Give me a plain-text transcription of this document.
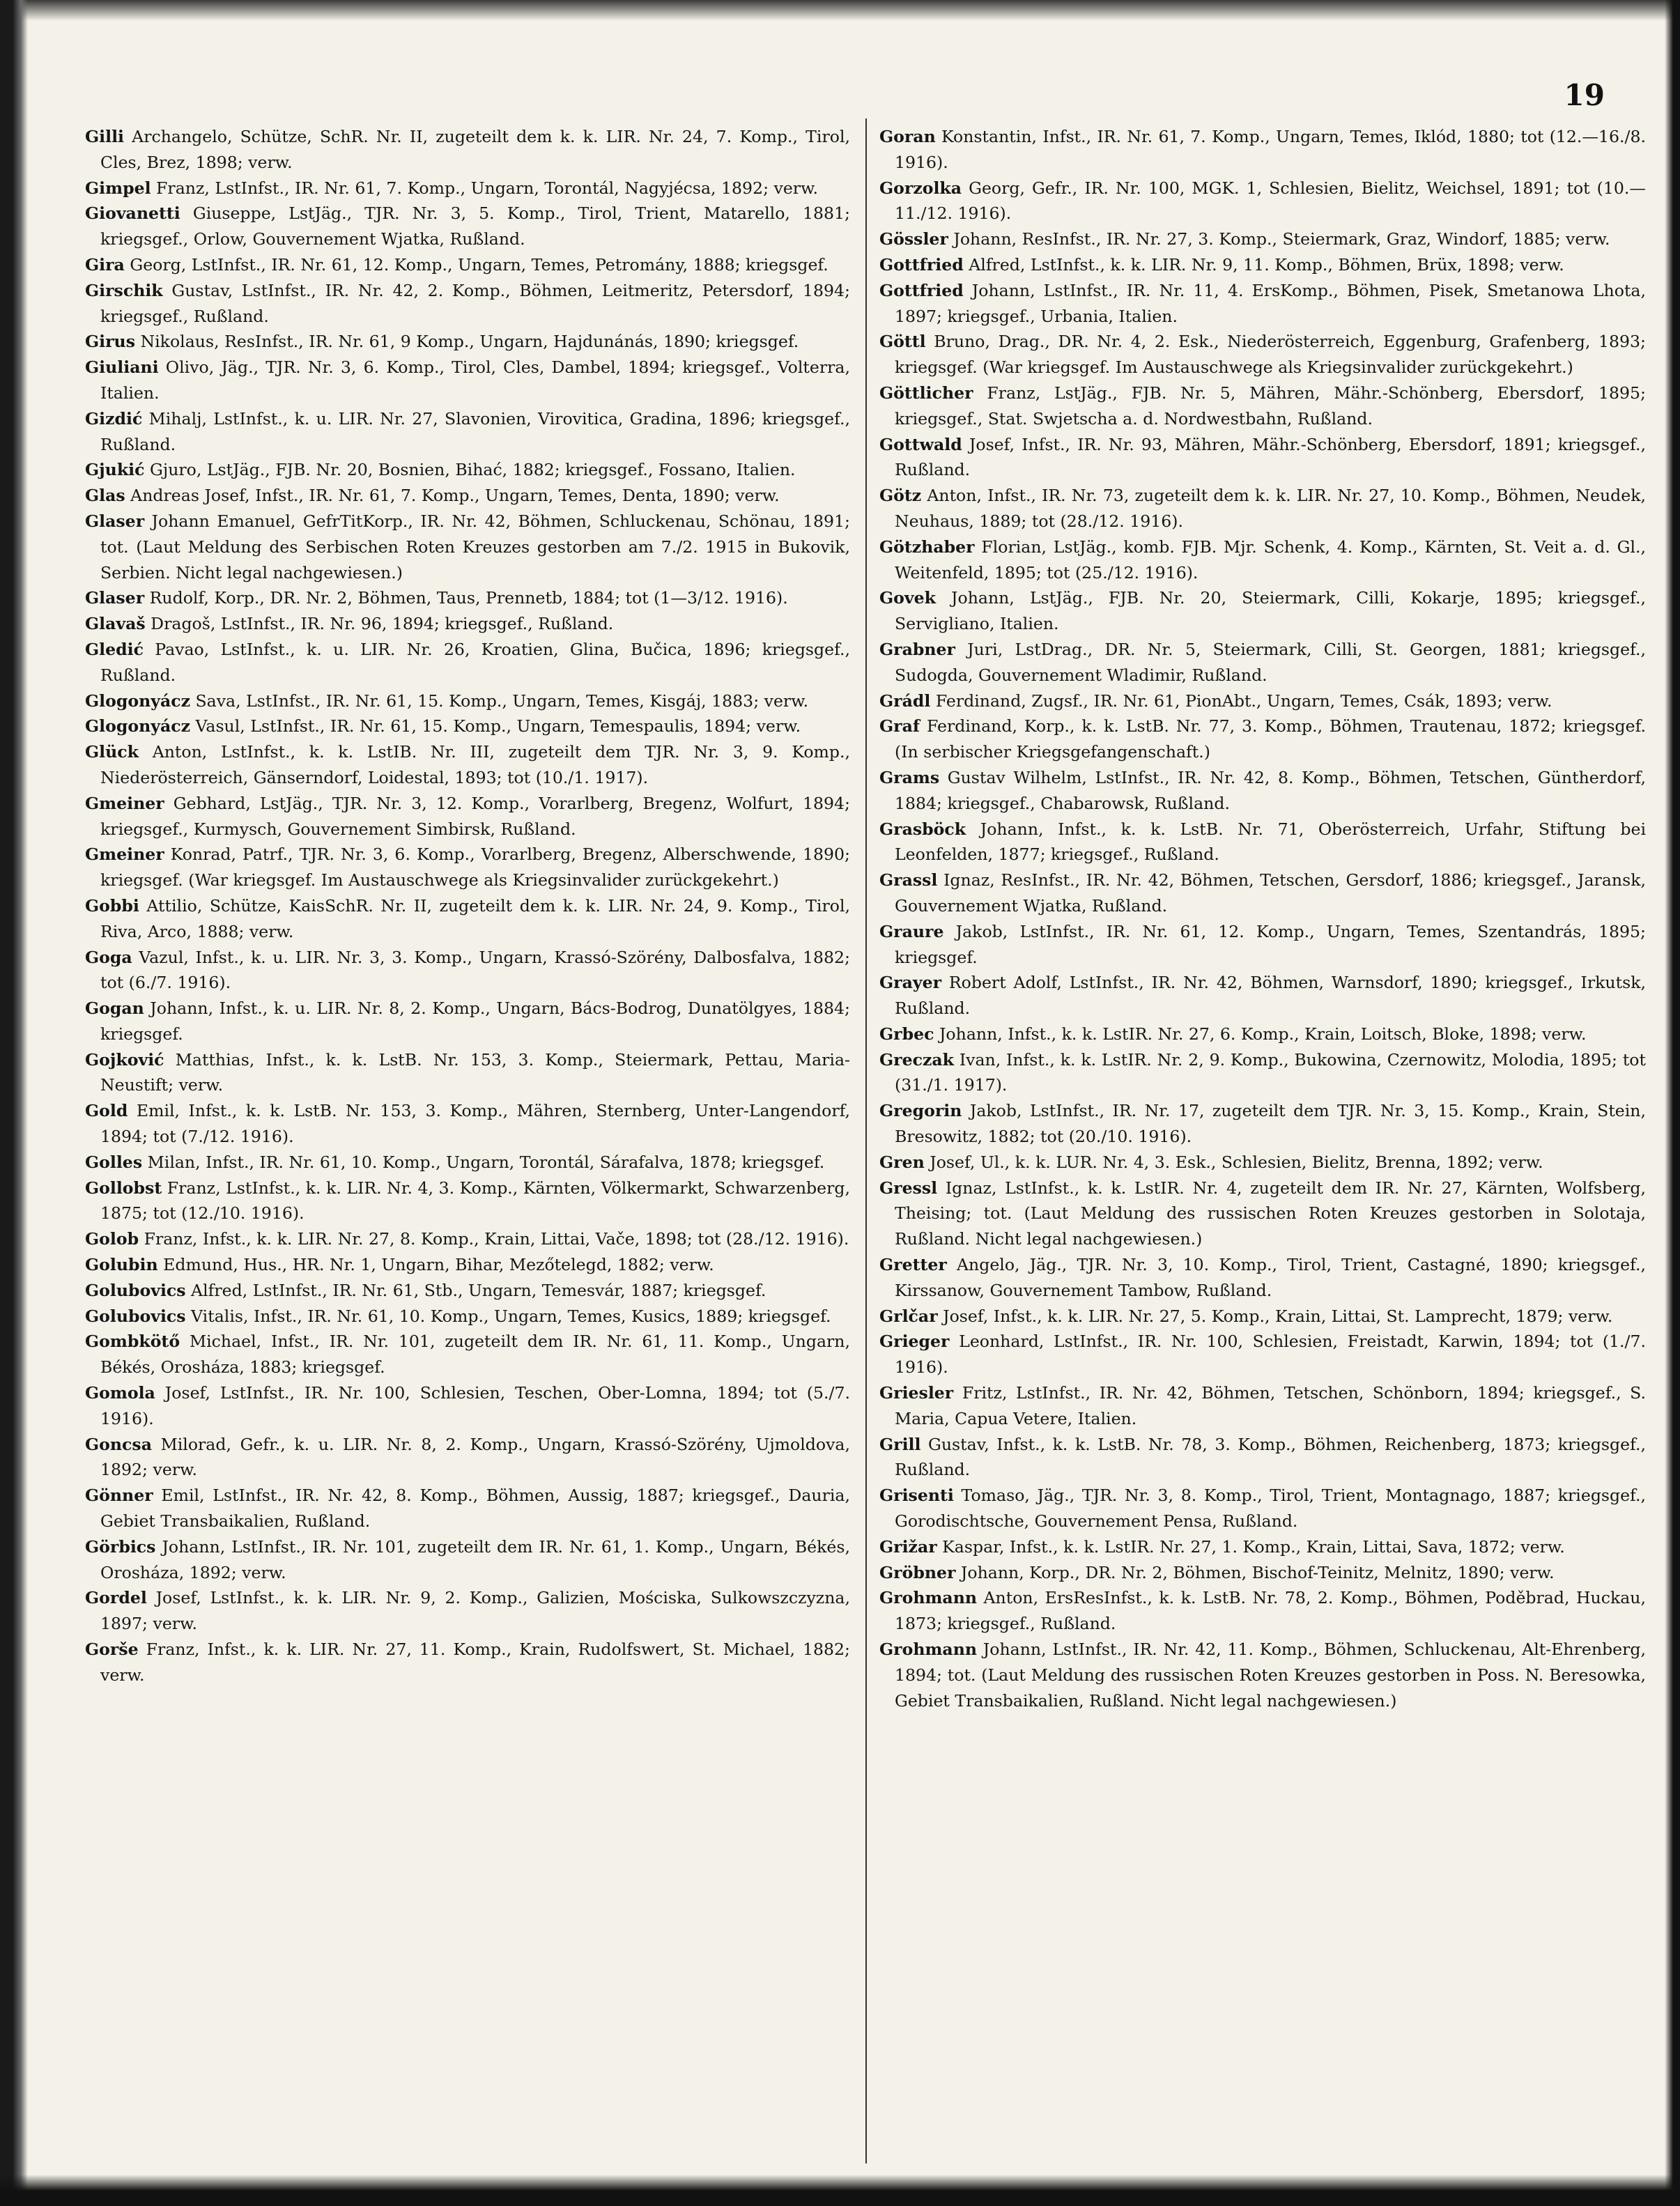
19

Gilli Archangelo, Schütze, SchR. Nr. II, zugeteilt dem k. k. LIR. Nr. 24, 7. Komp., Tirol, Cles, Brez, 1898; verw.

Gimpel Franz, LstInfst., IR. Nr. 61, 7. Komp., Ungarn, Torontál, Nagyjécsa, 1892; verw.

Giovanetti Giuseppe, LstJäg., TJR. Nr. 3, 5. Komp., Tirol, Trient, Matarello, 1881; kriegsgef., Orlow, Gouvernement Wjatka, Rußland.

Gira Georg, LstInfst., IR. Nr. 61, 12. Komp., Ungarn, Temes, Petromány, 1888; kriegsgef.

Girschik Gustav, LstInfst., IR. Nr. 42, 2. Komp., Böhmen, Leitmeritz, Petersdorf, 1894; kriegsgef., Rußland.

Girus Nikolaus, ResInfst., IR. Nr. 61, 9 Komp., Ungarn, Hajdunánás, 1890; kriegsgef.

Giuliani Olivo, Jäg., TJR. Nr. 3, 6. Komp., Tirol, Cles, Dambel, 1894; kriegsgef., Volterra, Italien.

Gizdić Mihalj, LstInfst., k. u. LIR. Nr. 27, Slavonien, Virovitica, Gradina, 1896; kriegsgef., Rußland.

Gjukić Gjuro, LstJäg., FJB. Nr. 20, Bosnien, Bihać, 1882; kriegsgef., Fossano, Italien.

Glas Andreas Josef, Infst., IR. Nr. 61, 7. Komp., Ungarn, Temes, Denta, 1890; verw.

Glaser Johann Emanuel, GefrTitKorp., IR. Nr. 42, Böhmen, Schluckenau, Schönau, 1891; tot. (Laut Meldung des Serbischen Roten Kreuzes gestorben am 7./2. 1915 in Bukovik, Serbien. Nicht legal nachgewiesen.)

Glaser Rudolf, Korp., DR. Nr. 2, Böhmen, Taus, Prennetb, 1884; tot (1—3/12. 1916).

Glavaš Dragoš, LstInfst., IR. Nr. 96, 1894; kriegsgef., Rußland.

Gledić Pavao, LstInfst., k. u. LIR. Nr. 26, Kroatien, Glina, Bučica, 1896; kriegsgef., Rußland.

Glogonyácz Sava, LstInfst., IR. Nr. 61, 15. Komp., Ungarn, Temes, Kisgáj, 1883; verw.

Glogonyácz Vasul, LstInfst., IR. Nr. 61, 15. Komp., Ungarn, Temespaulis, 1894; verw.

Glück Anton, LstInfst., k. k. LstIB. Nr. III, zugeteilt dem TJR. Nr. 3, 9. Komp., Niederösterreich, Gänserndorf, Loidestal, 1893; tot (10./1. 1917).

Gmeiner Gebhard, LstJäg., TJR. Nr. 3, 12. Komp., Vorarlberg, Bregenz, Wolfurt, 1894; kriegsgef., Kurmysch, Gouvernement Simbirsk, Rußland.

Gmeiner Konrad, Patrf., TJR. Nr. 3, 6. Komp., Vorarlberg, Bregenz, Alberschwende, 1890; kriegsgef. (War kriegsgef. Im Austauschwege als Kriegsinvalider zurückgekehrt.)

Gobbi Attilio, Schütze, KaisSchR. Nr. II, zugeteilt dem k. k. LIR. Nr. 24, 9. Komp., Tirol, Riva, Arco, 1888; verw.

Goga Vazul, Infst., k. u. LIR. Nr. 3, 3. Komp., Ungarn, Krassó-Szörény, Dalbosfalva, 1882; tot (6./7. 1916).

Gogan Johann, Infst., k. u. LIR. Nr. 8, 2. Komp., Ungarn, Bács-Bodrog, Dunatölgyes, 1884; kriegsgef.

Gojković Matthias, Infst., k. k. LstB. Nr. 153, 3. Komp., Steiermark, Pettau, Maria-Neustift; verw.

Gold Emil, Infst., k. k. LstB. Nr. 153, 3. Komp., Mähren, Sternberg, Unter-Langendorf, 1894; tot (7./12. 1916).

Golles Milan, Infst., IR. Nr. 61, 10. Komp., Ungarn, Torontál, Sárafalva, 1878; kriegsgef.

Gollobst Franz, LstInfst., k. k. LIR. Nr. 4, 3. Komp., Kärnten, Völkermarkt, Schwarzenberg, 1875; tot (12./10. 1916).

Golob Franz, Infst., k. k. LIR. Nr. 27, 8. Komp., Krain, Littai, Vače, 1898; tot (28./12. 1916).

Golubin Edmund, Hus., HR. Nr. 1, Ungarn, Bihar, Mezőtelegd, 1882; verw.

Golubovics Alfred, LstInfst., IR. Nr. 61, Stb., Ungarn, Temesvár, 1887; kriegsgef.

Golubovics Vitalis, Infst., IR. Nr. 61, 10. Komp., Ungarn, Temes, Kusics, 1889; kriegsgef.

Gombkötő Michael, Infst., IR. Nr. 101, zugeteilt dem IR. Nr. 61, 11. Komp., Ungarn, Békés, Orosháza, 1883; kriegsgef.

Gomola Josef, LstInfst., IR. Nr. 100, Schlesien, Teschen, Ober-Lomna, 1894; tot (5./7. 1916).

Goncsa Milorad, Gefr., k. u. LIR. Nr. 8, 2. Komp., Ungarn, Krassó-Szörény, Ujmoldova, 1892; verw.

Gönner Emil, LstInfst., IR. Nr. 42, 8. Komp., Böhmen, Aussig, 1887; kriegsgef., Dauria, Gebiet Transbaikalien, Rußland.

Görbics Johann, LstInfst., IR. Nr. 101, zugeteilt dem IR. Nr. 61, 1. Komp., Ungarn, Békés, Orosháza, 1892; verw.

Gordel Josef, LstInfst., k. k. LIR. Nr. 9, 2. Komp., Galizien, Mościska, Sulkowszczyzna, 1897; verw.

Gorše Franz, Infst., k. k. LIR. Nr. 27, 11. Komp., Krain, Rudolfswert, St. Michael, 1882; verw.

Goran Konstantin, Infst., IR. Nr. 61, 7. Komp., Ungarn, Temes, Iklód, 1880; tot (12.—16./8. 1916).

Gorzolka Georg, Gefr., IR. Nr. 100, MGK. 1, Schlesien, Bielitz, Weichsel, 1891; tot (10.—11./12. 1916).

Gössler Johann, ResInfst., IR. Nr. 27, 3. Komp., Steiermark, Graz, Windorf, 1885; verw.

Gottfried Alfred, LstInfst., k. k. LIR. Nr. 9, 11. Komp., Böhmen, Brüx, 1898; verw.

Gottfried Johann, LstInfst., IR. Nr. 11, 4. ErsKomp., Böhmen, Pisek, Smetanowa Lhota, 1897; kriegsgef., Urbania, Italien.

Göttl Bruno, Drag., DR. Nr. 4, 2. Esk., Niederösterreich, Eggenburg, Grafenberg, 1893; kriegsgef. (War kriegsgef. Im Austauschwege als Kriegsinvalider zurückgekehrt.)

Göttlicher Franz, LstJäg., FJB. Nr. 5, Mähren, Mähr.-Schönberg, Ebersdorf, 1895; kriegsgef., Stat. Swjetscha a. d. Nordwestbahn, Rußland.

Gottwald Josef, Infst., IR. Nr. 93, Mähren, Mähr.-Schönberg, Ebersdorf, 1891; kriegsgef., Rußland.

Götz Anton, Infst., IR. Nr. 73, zugeteilt dem k. k. LIR. Nr. 27, 10. Komp., Böhmen, Neudek, Neuhaus, 1889; tot (28./12. 1916).

Götzhaber Florian, LstJäg., komb. FJB. Mjr. Schenk, 4. Komp., Kärnten, St. Veit a. d. Gl., Weitenfeld, 1895; tot (25./12. 1916).

Govek Johann, LstJäg., FJB. Nr. 20, Steiermark, Cilli, Kokarje, 1895; kriegsgef., Servigliano, Italien.

Grabner Juri, LstDrag., DR. Nr. 5, Steiermark, Cilli, St. Georgen, 1881; kriegsgef., Sudogda, Gouvernement Wladimir, Rußland.

Grádl Ferdinand, Zugsf., IR. Nr. 61, PionAbt., Ungarn, Temes, Csák, 1893; verw.

Graf Ferdinand, Korp., k. k. LstB. Nr. 77, 3. Komp., Böhmen, Trautenau, 1872; kriegsgef. (In serbischer Kriegsgefangenschaft.)

Grams Gustav Wilhelm, LstInfst., IR. Nr. 42, 8. Komp., Böhmen, Tetschen, Güntherdorf, 1884; kriegsgef., Chabarowsk, Rußland.

Grasböck Johann, Infst., k. k. LstB. Nr. 71, Oberösterreich, Urfahr, Stiftung bei Leonfelden, 1877; kriegsgef., Rußland.

Grassl Ignaz, ResInfst., IR. Nr. 42, Böhmen, Tetschen, Gersdorf, 1886; kriegsgef., Jaransk, Gouvernement Wjatka, Rußland.

Graure Jakob, LstInfst., IR. Nr. 61, 12. Komp., Ungarn, Temes, Szentandrás, 1895; kriegsgef.

Grayer Robert Adolf, LstInfst., IR. Nr. 42, Böhmen, Warnsdorf, 1890; kriegsgef., Irkutsk, Rußland.

Grbec Johann, Infst., k. k. LstIR. Nr. 27, 6. Komp., Krain, Loitsch, Bloke, 1898; verw.

Greczak Ivan, Infst., k. k. LstIR. Nr. 2, 9. Komp., Bukowina, Czernowitz, Molodia, 1895; tot (31./1. 1917).

Gregorin Jakob, LstInfst., IR. Nr. 17, zugeteilt dem TJR. Nr. 3, 15. Komp., Krain, Stein, Bresowitz, 1882; tot (20./10. 1916).

Gren Josef, Ul., k. k. LUR. Nr. 4, 3. Esk., Schlesien, Bielitz, Brenna, 1892; verw.

Gressl Ignaz, LstInfst., k. k. LstIR. Nr. 4, zugeteilt dem IR. Nr. 27, Kärnten, Wolfsberg, Theising; tot. (Laut Meldung des russischen Roten Kreuzes gestorben in Solotaja, Rußland. Nicht legal nachgewiesen.)

Gretter Angelo, Jäg., TJR. Nr. 3, 10. Komp., Tirol, Trient, Castagné, 1890; kriegsgef., Kirssanow, Gouvernement Tambow, Rußland.

Grlčar Josef, Infst., k. k. LIR. Nr. 27, 5. Komp., Krain, Littai, St. Lamprecht, 1879; verw.

Grieger Leonhard, LstInfst., IR. Nr. 100, Schlesien, Freistadt, Karwin, 1894; tot (1./7. 1916).

Griesler Fritz, LstInfst., IR. Nr. 42, Böhmen, Tetschen, Schönborn, 1894; kriegsgef., S. Maria, Capua Vetere, Italien.

Grill Gustav, Infst., k. k. LstB. Nr. 78, 3. Komp., Böhmen, Reichenberg, 1873; kriegsgef., Rußland.

Grisenti Tomaso, Jäg., TJR. Nr. 3, 8. Komp., Tirol, Trient, Montagnago, 1887; kriegsgef., Gorodischtsche, Gouvernement Pensa, Rußland.

Grižar Kaspar, Infst., k. k. LstIR. Nr. 27, 1. Komp., Krain, Littai, Sava, 1872; verw.

Gröbner Johann, Korp., DR. Nr. 2, Böhmen, Bischof-Teinitz, Melnitz, 1890; verw.

Grohmann Anton, ErsResInfst., k. k. LstB. Nr. 78, 2. Komp., Böhmen, Poděbrad, Huckau, 1873; kriegsgef., Rußland.

Grohmann Johann, LstInfst., IR. Nr. 42, 11. Komp., Böhmen, Schluckenau, Alt-Ehrenberg, 1894; tot. (Laut Meldung des russischen Roten Kreuzes gestorben in Poss. N. Beresowka, Gebiet Transbaikalien, Rußland. Nicht legal nachgewiesen.)
